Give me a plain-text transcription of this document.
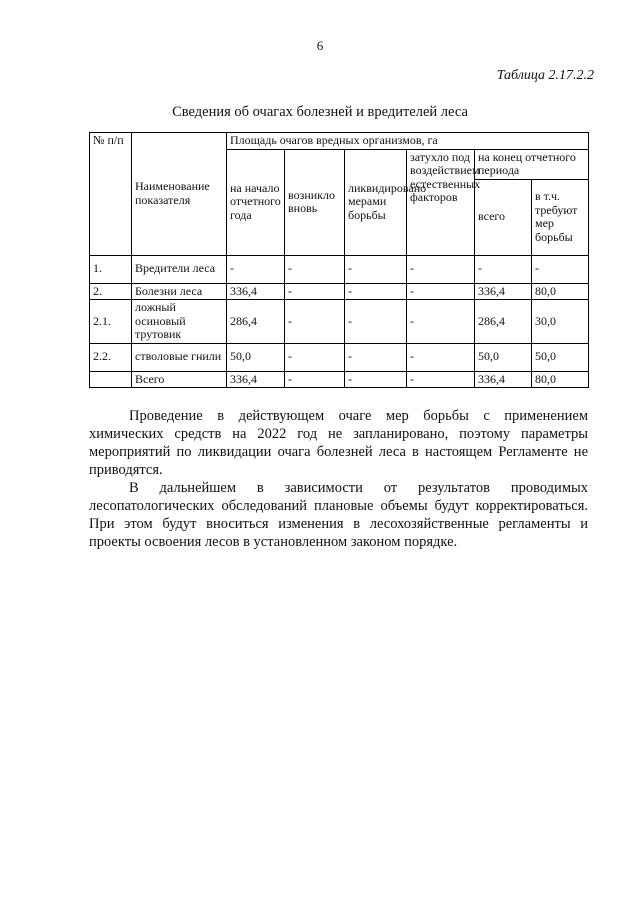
6
Таблица 2.17.2.2
Сведения об очагах болезней и вредителей леса
№ п/п	Наименование показателя	Площадь очагов вредных организмов, га					
		на начало отчетного года	возникло вновь	ликвидировано мерами борьбы	затухло под воздействием естественных факторов	на конец отчетного периода	
						всего	в т.ч. требуют мер борьбы
1.	Вредители леса	-	-	-	-	-	-
2.	Болезни леса	336,4	-	-	-	336,4	80,0
2.1.	ложный осиновый трутовик	286,4	-	-	-	286,4	30,0
2.2.	стволовые гнили	50,0	-	-	-	50,0	50,0
	Всего	336,4	-	-	-	336,4	80,0

Проведение в действующем очаге мер борьбы с применением химических средств на 2022 год не запланировано, поэтому параметры мероприятий по ликвидации очага болезней леса в настоящем Регламенте не приводятся.

В дальнейшем в зависимости от результатов проводимых лесопатологических обследований плановые объемы будут корректироваться. При этом будут вноситься изменения в лесохозяйственные регламенты и проекты освоения лесов в установленном законом порядке.
